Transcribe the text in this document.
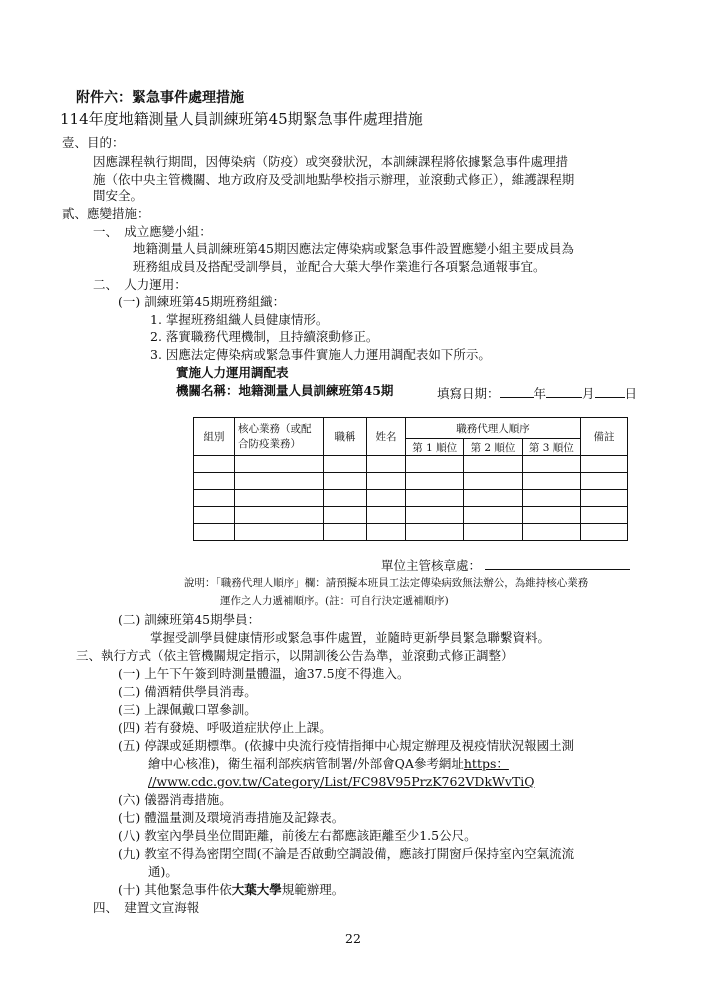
附件六：緊急事件處理措施
114年度地籍測量人員訓練班第45期緊急事件處理措施
壹、目的：
因應課程執行期間，因傳染病（防疫）或突發狀況，本訓練課程將依據緊急事件處理措
施（依中央主管機關、地方政府及受訓地點學校指示辦理，並滾動式修正），維護課程期
間安全。
貳、應變措施：
一、　成立應變小組：
地籍測量人員訓練班第45期因應法定傳染病或緊急事件設置應變小組主要成員為
班務組成員及搭配受訓學員，並配合大葉大學作業進行各項緊急通報事宜。
二、　人力運用：
(一) 訓練班第45期班務組織：
1. 掌握班務組織人員健康情形。
2. 落實職務代理機制，且持續滾動修正。
3. 因應法定傳染病或緊急事件實施人力運用調配表如下所示。
實施人力運用調配表
機關名稱：地籍測量人員訓練班第45期	填寫日期：	年	月 日
組別	核心業務（或配合防疫業務）	職稱	姓名	職務代理人順序			備註
				第 1 順位	第 2 順位	第 3 順位	

單位主管核章處：
說明：「職務代理人順序」欄：請預擬本班員工法定傳染病致無法辦公，為維持核心業務
運作之人力遞補順序。(註：可自行決定遞補順序)
(二) 訓練班第45期學員：
掌握受訓學員健康情形或緊急事件處置，並隨時更新學員緊急聯繫資料。
三、執行方式（依主管機關規定指示，以開訓後公告為準，並滾動式修正調整）
(一) 上午下午簽到時測量體溫，逾37.5度不得進入。
(二) 備酒精供學員消毒。
(三) 上課佩戴口罩參訓。
(四) 若有發燒、呼吸道症狀停止上課。
(五) 停課或延期標準。(依據中央流行疫情指揮中心規定辦理及視疫情狀況報國土測
繪中心核准)，衛生福利部疾病管制署/外部會QA參考網址https：
//www.cdc.gov.tw/Category/List/FC98V95PrzK762VDkWvTiQ
(六) 儀器消毒措施。
(七) 體溫量測及環境消毒措施及記錄表。
(八) 教室內學員坐位間距離，前後左右都應該距離至少1.5公尺。
(九) 教室不得為密閉空間(不論是否啟動空調設備，應該打開窗戶保持室內空氣流流
通)。
(十) 其他緊急事件依大葉大學規範辦理。
四、　建置文宣海報
22
